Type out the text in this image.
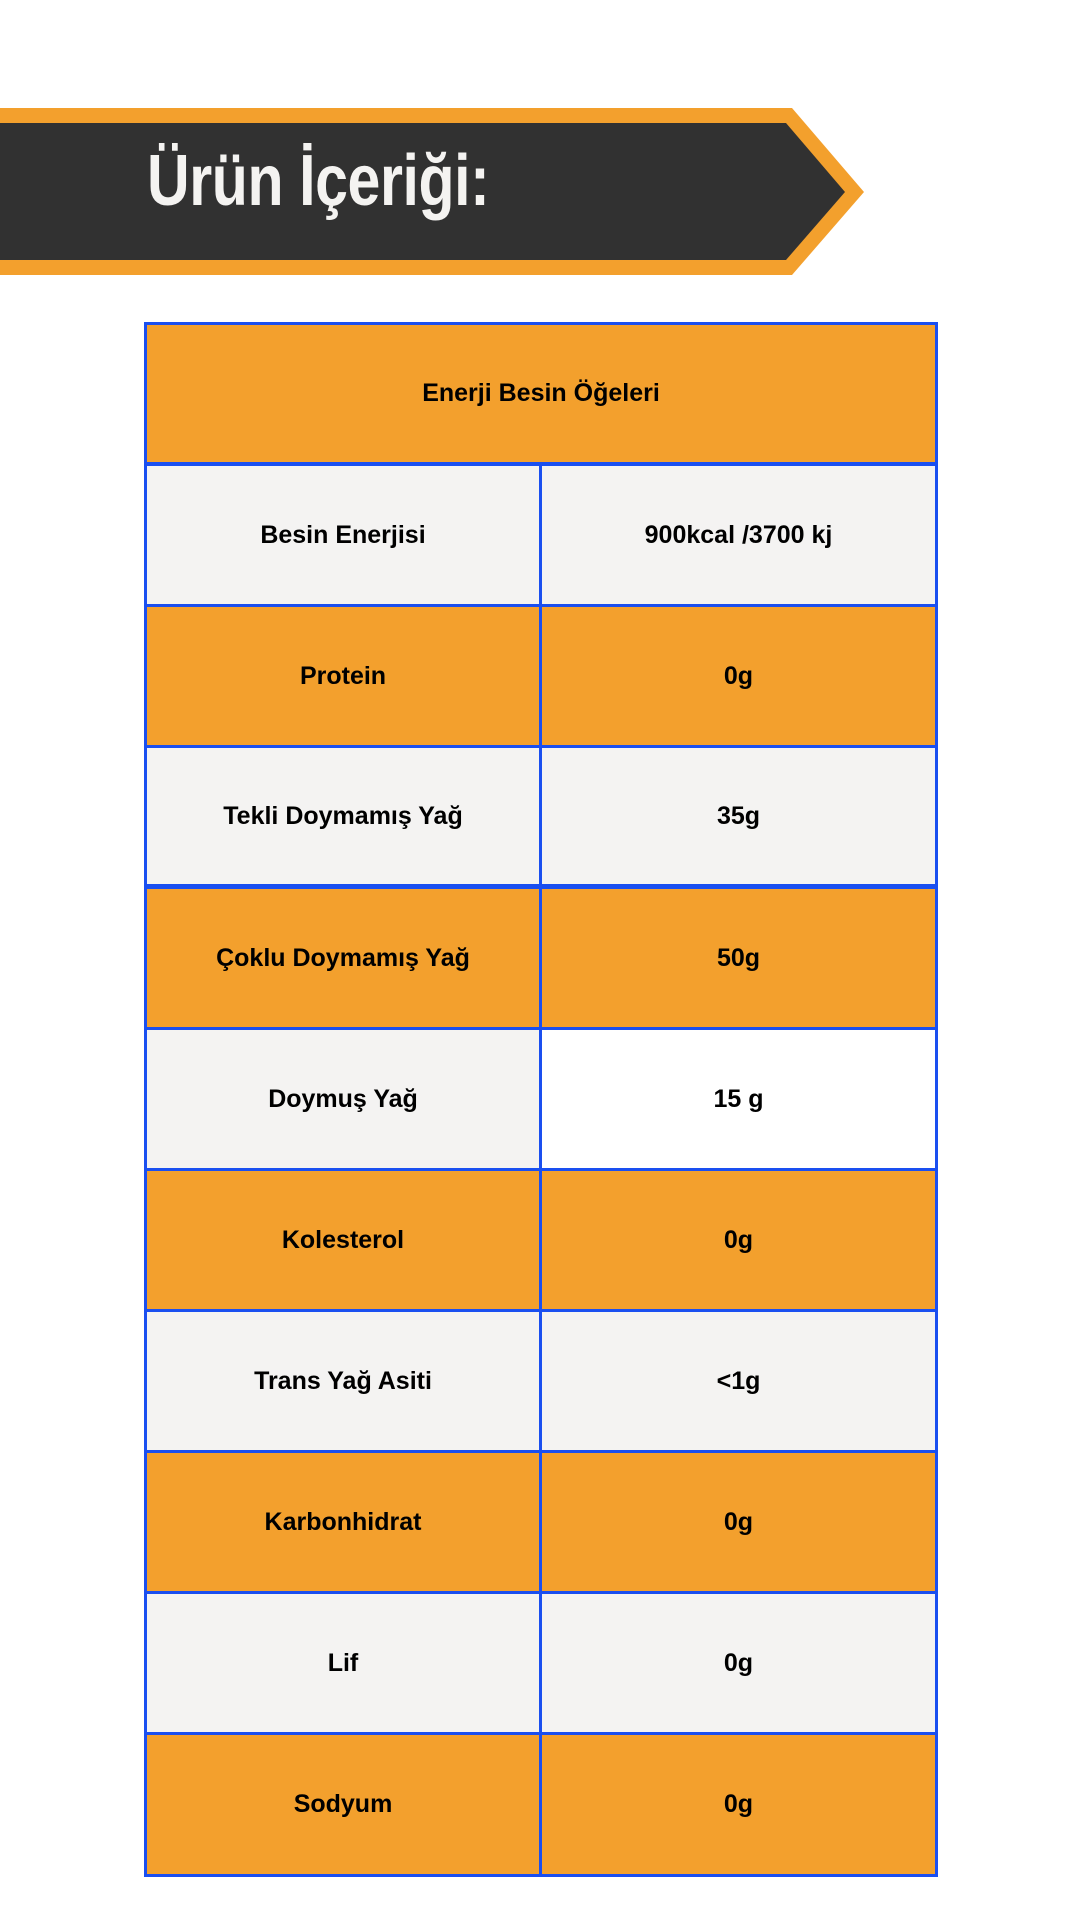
Ürün İçeriği:
Enerji Besin Öğeleri
Besin Enerjisi	900kcal /3700 kj
Protein	0g
Tekli Doymamış Yağ	35g
Çoklu Doymamış Yağ	50g
Doymuş Yağ	15 g
Kolesterol	0g
Trans Yağ Asiti	<1g
Karbonhidrat	0g
Lif	0g
Sodyum	0g
